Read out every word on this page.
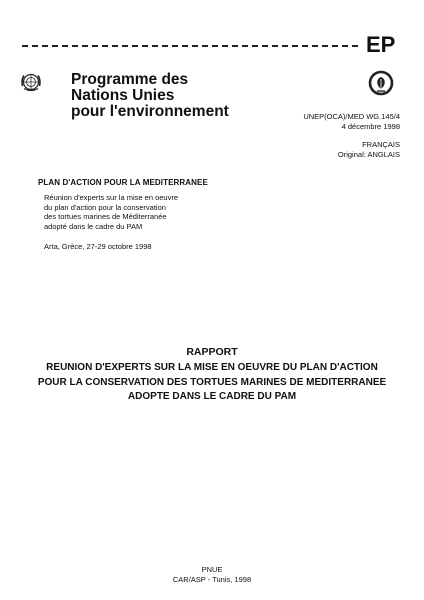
EP
Programme des
Nations Unies
pour l'environnement	UNEP(OCA)/MED WG.145/4
4 décembre 1998
FRANÇAIS
Original: ANGLAIS
PLAN D'ACTION POUR LA MEDITERRANEE
Réunion d'experts sur la mise en oeuvre
du plan d'action pour la conservation
des tortues marines de Méditerranée
adopté dans le cadre du PAM
Arta, Grèce, 27-29 octobre 1998
RAPPORT
REUNION D'EXPERTS SUR LA MISE EN OEUVRE DU PLAN D'ACTION
POUR LA CONSERVATION DES TORTUES MARINES DE MEDITERRANEE
ADOPTE DANS LE CADRE DU PAM
PNUE
CAR/ASP - Tunis, 1998
